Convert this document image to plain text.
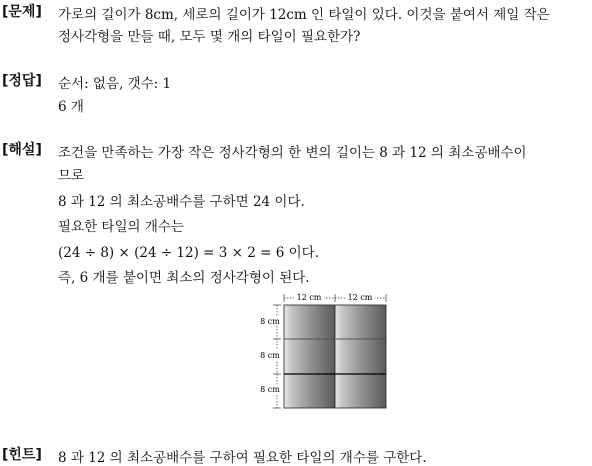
[문제] 가로의 길이가 8cm, 세로의 길이가 12cm 인 타일이 있다. 이것을 붙여서 제일 작은
정사각형을 만들 때, 모두 몇 개의 타일이 필요한가?
[정답] 순서: 없음, 갯수: 1
6 개
[해설] 조건을 만족하는 가장 작은 정사각형의 한 변의 길이는 8 과 12 의 최소공배수이
므로
8 과 12 의 최소공배수를 구하면 24 이다.
필요한 타일의 개수는
(24 ÷ 8) × (24 ÷ 12) = 3 × 2 = 6 이다.
즉, 6 개를 붙이면 최소의 정사각형이 된다.
12 cm	12 cm
8 cm
8 cm
8 cm
[힌트] 8 과 12 의 최소공배수를 구하여 필요한 타일의 개수를 구한다.
